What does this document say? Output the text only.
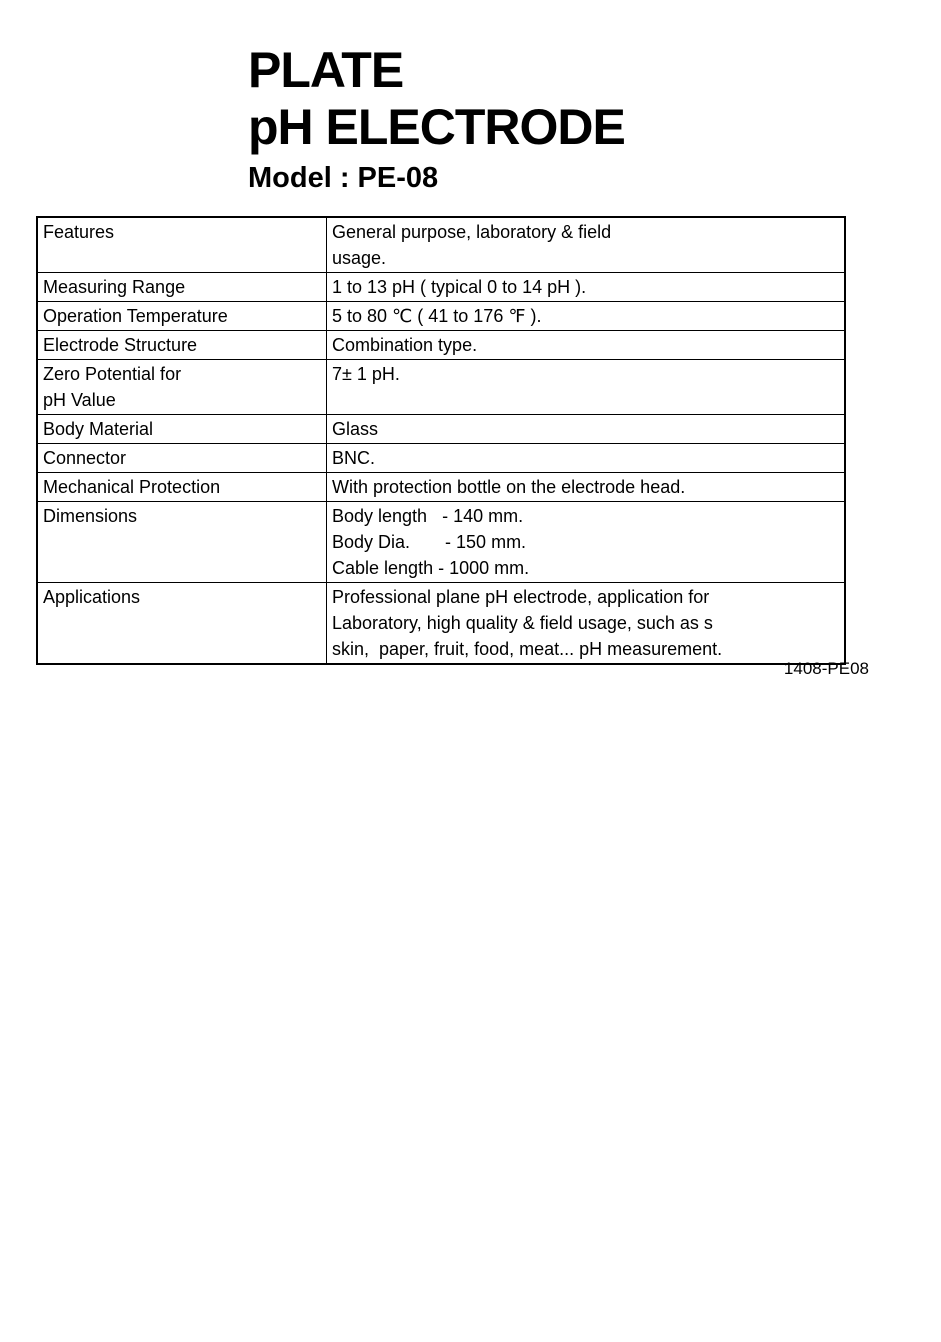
PLATE
pH ELECTRODE
Model : PE-08
Features	General purpose, laboratory & field
usage.

Measuring Range	1 to 13 pH ( typical 0 to 14 pH ).

Operation Temperature	5 to 80 ℃ ( 41 to 176 ℉ ).

Electrode Structure	Combination type.

Zero Potential for
pH Value	7± 1 pH.

Body Material	Glass

Connector	BNC.

Mechanical Protection	With protection bottle on the electrode head.

Dimensions	Body length   - 140 mm.
Body Dia.       - 150 mm.
Cable length - 1000 mm.

Applications	Professional plane pH electrode, application for
Laboratory, high quality & field usage, such as s
skin,  paper, fruit, food, meat... pH measurement.
1408-PE08
